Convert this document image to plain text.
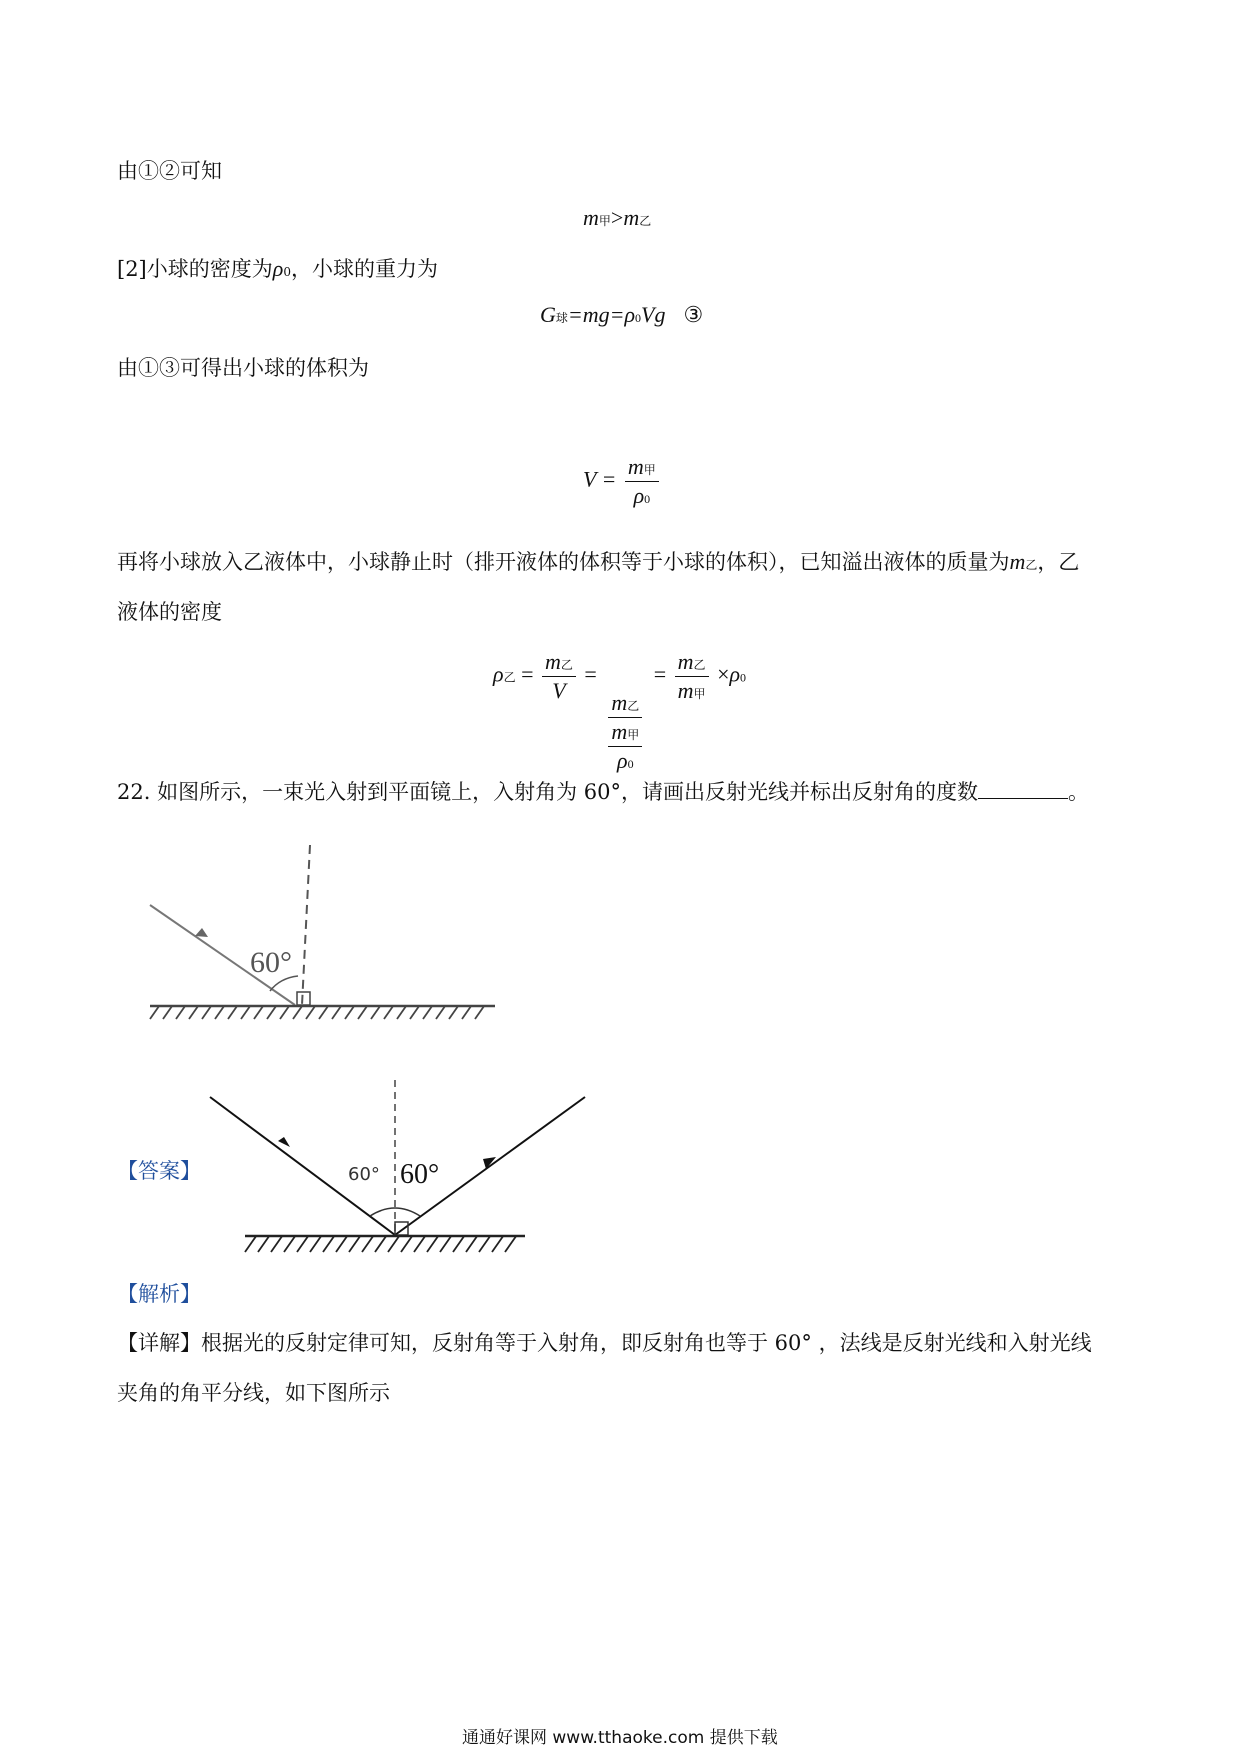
由①②可知
m甲>m乙
[2]小球的密度为ρ0，小球的重力为
G球=mg=ρ0Vg ③
由①③可得出小球的体积为
$V = \frac{\text{m甲}}{\rho 0}$
再将小球放入乙液体中，小球静止时（排开液体的体积等于小球的体积），已知溢出液体的质量为m乙，乙
液体的密度
ρ乙 = $\frac{\text{m乙}}{V}$ =
$\frac{\text{m乙}}{\frac{\text{m甲}}{\rho 0}}$
= $\frac{\text{m乙}}{\text{m甲}} \times\rho 0$
22. 如图所示，一束光入射到平面镜上，入射角为 60°，请画出反射光线并标出反射角的度数	。
60°
【答案】	60° 60°
【解析】
【详解】根据光的反射定律可知，反射角等于入射角，即反射角也等于 60° ，法线是反射光线和入射光线
夹角的角平分线，如下图所示
通通好课网 www.tthaoke.com 提供下载
